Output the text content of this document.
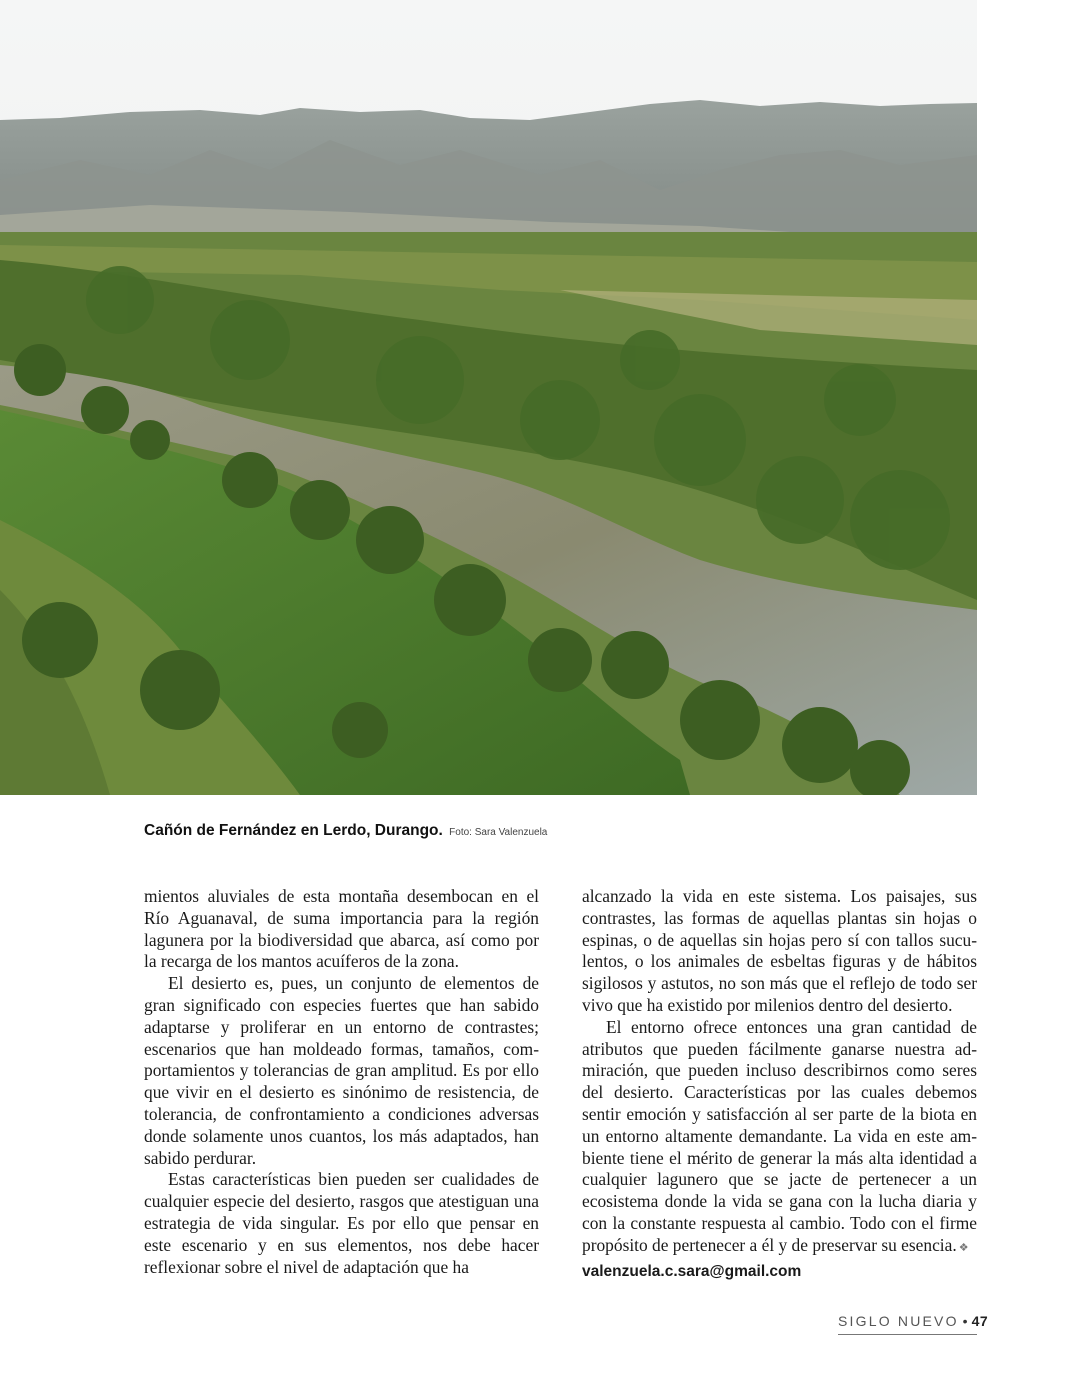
Cañón de Fernández en Lerdo, Durango. Foto: Sara Valenzuela

mientos aluviales de esta montaña desembocan en el Río Aguanaval, de suma importancia para la región lagunera por la biodiversidad que abarca, así como por la recarga de los mantos acuíferos de la zona.

El desierto es, pues, un conjunto de elementos de gran significado con especies fuertes que han sabido adaptarse y proliferar en un entorno de contrastes; escenarios que han moldeado formas, tamaños, comportamientos y tolerancias de gran amplitud. Es por ello que vivir en el desierto es sinónimo de resistencia, de tolerancia, de confrontamiento a condiciones adversas donde solamente unos cuantos, los más adaptados, han sabido perdurar.

Estas características bien pueden ser cualidades de cualquier especie del desierto, rasgos que atestiguan una estrategia de vida singular. Es por ello que pensar en este escenario y en sus elementos, nos debe hacer reflexionar sobre el nivel de adaptación que ha

alcanzado la vida en este sistema. Los paisajes, sus contrastes, las formas de aquellas plantas sin hojas o espinas, o de aquellas sin hojas pero sí con tallos suculentos, o los animales de esbeltas figuras y de hábitos sigilosos y astutos, no son más que el reflejo de todo ser vivo que ha existido por milenios dentro del desierto.

El entorno ofrece entonces una gran cantidad de atributos que pueden fácilmente ganarse nuestra admiración, que pueden incluso describirnos como seres del desierto. Características por las cuales debemos sentir emoción y satisfacción al ser parte de la biota en un entorno altamente demandante. La vida en este ambiente tiene el mérito de generar la más alta identidad a cualquier lagunero que se jacte de pertenecer a un ecosistema donde la vida se gana con la lucha diaria y con la constante respuesta al cambio. Todo con el firme propósito de pertenecer a él y de preservar su esencia. ❖

valenzuela.c.sara@gmail.com
SIGLO NUEVO • 47
